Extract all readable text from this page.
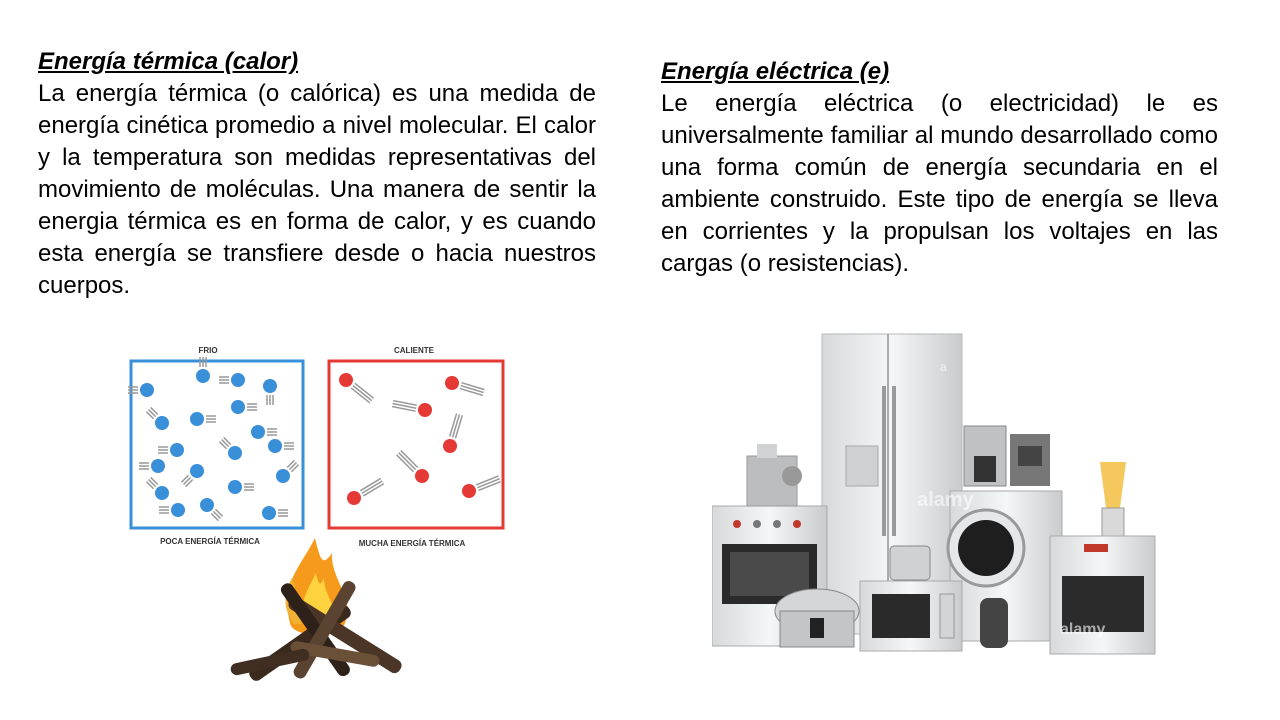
Energía térmica (calor)

La energía térmica (o calórica) es una medida de energía cinética promedio a nivel molecular. El calor y la temperatura son medidas representativas del movimiento de moléculas. Una manera de sentir la energia térmica es en forma de calor, y es cuando esta energía se transfiere desde o hacia nuestros cuerpos.

Energía eléctrica (e)

Le energía eléctrica (o electricidad) le es universalmente familiar al mundo desarrollado como una forma común de energía secundaria en el ambiente construido. Este tipo de energía se lleva en corrientes y la propulsan los voltajes en las cargas (o resistencias).

FRIO	CALIENTE
POCA ENERGÍA TÉRMICA	MUCHA ENERGÍA TÉRMICA
alamy
a
alamy
